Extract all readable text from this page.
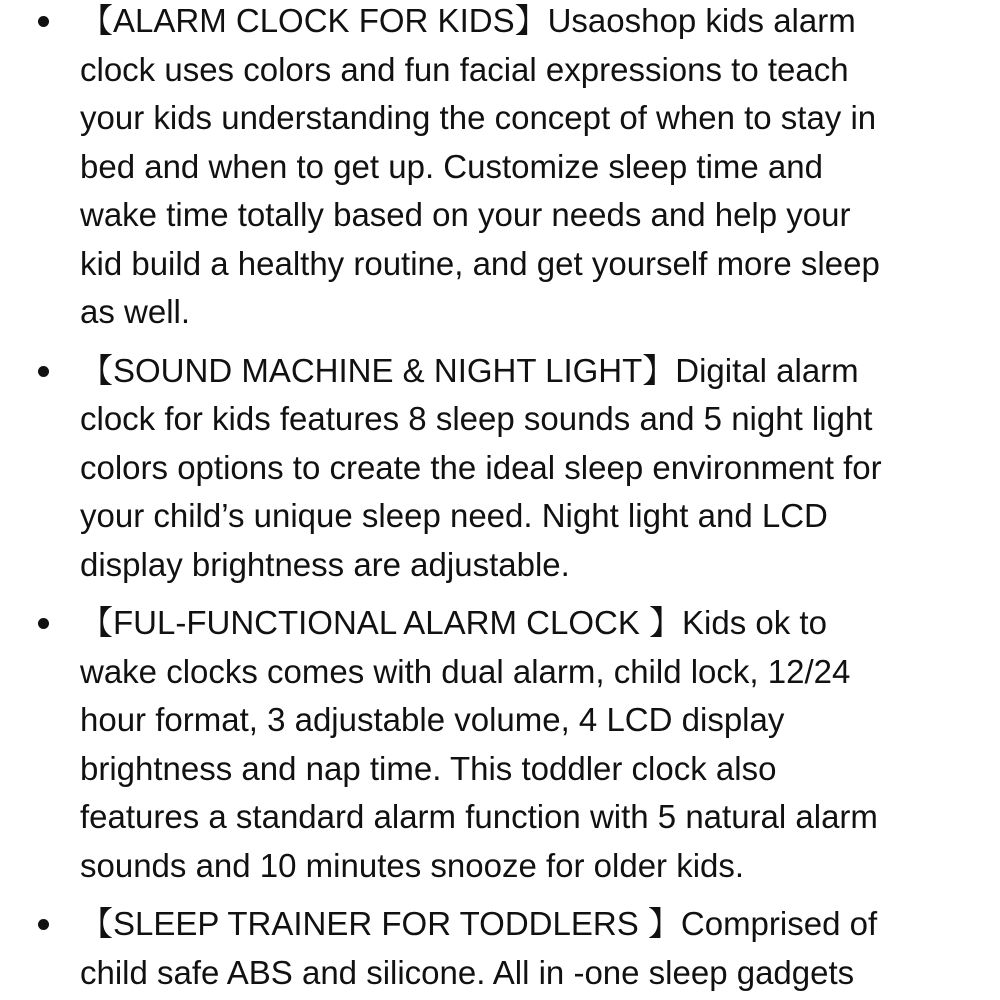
【ALARM CLOCK FOR KIDS】Usaoshop kids alarm
clock uses colors and fun facial expressions to teach
your kids understanding the concept of when to stay in
bed and when to get up. Customize sleep time and
wake time totally based on your needs and help your
kid build a healthy routine, and get yourself more sleep
as well.
【SOUND MACHINE & NIGHT LIGHT】Digital alarm
clock for kids features 8 sleep sounds and 5 night light
colors options to create the ideal sleep environment for
your child’s unique sleep need. Night light and LCD
display brightness are adjustable.
【FUL-FUNCTIONAL ALARM CLOCK 】Kids ok to
wake clocks comes with dual alarm, child lock, 12/24
hour format, 3 adjustable volume, 4 LCD display
brightness and nap time. This toddler clock also
features a standard alarm function with 5 natural alarm
sounds and 10 minutes snooze for older kids.
【SLEEP TRAINER FOR TODDLERS 】Comprised of
child safe ABS and silicone. All in -one sleep gadgets
